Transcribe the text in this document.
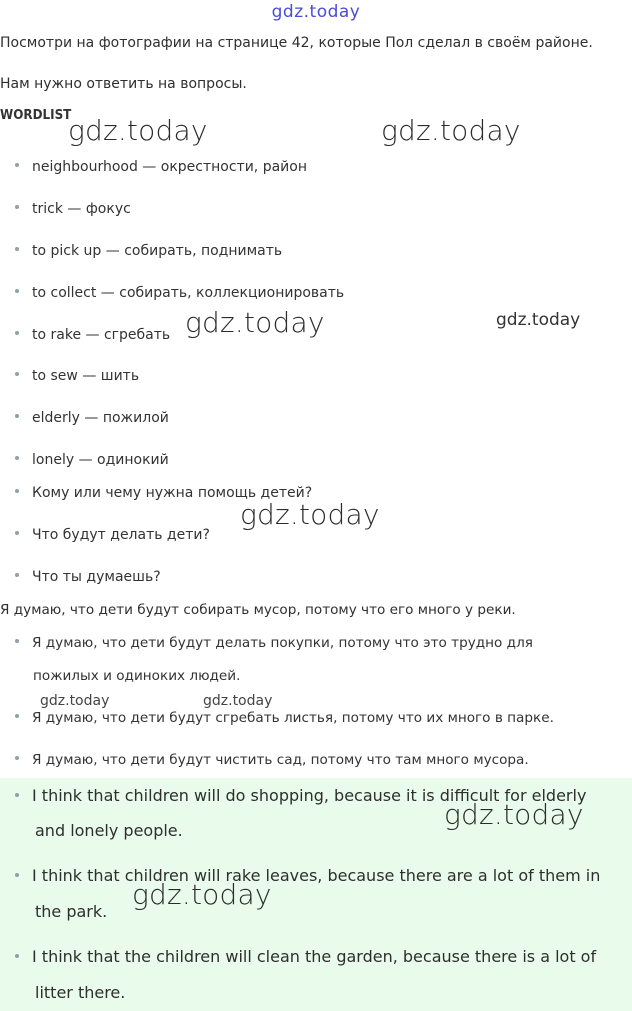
gdz.today
Посмотри на фотографии на странице 42, которые Пол сделал в своём районе.
Нам нужно ответить на вопросы.
WORDLIST
neighbourhood — окрестности, район
trick — фокус
to pick up — собирать, поднимать
to collect — собирать, коллекционировать
to rake — сгребать
to sew — шить
elderly — пожилой
lonely — одинокий
Кому или чему нужна помощь детей?
Что будут делать дети?
Что ты думаешь?
Я думаю, что дети будут собирать мусор, потому что его много у реки.
Я думаю, что дети будут делать покупки, потому что это трудно для
пожилых и одиноких людей.
Я думаю, что дети будут сгребать листья, потому что их много в парке.
Я думаю, что дети будут чистить сад, потому что там много мусора.
I think that children will do shopping, because it is difficult for elderly
and lonely people.
I think that children will rake leaves, because there are a lot of them in
the park.
I think that the children will clean the garden, because there is a lot of
litter there.
gdz.today	gdz.today
gdz.today	gdz.today
gdz.today
gdz.today	gdz.today
gdz.today
gdz.today
